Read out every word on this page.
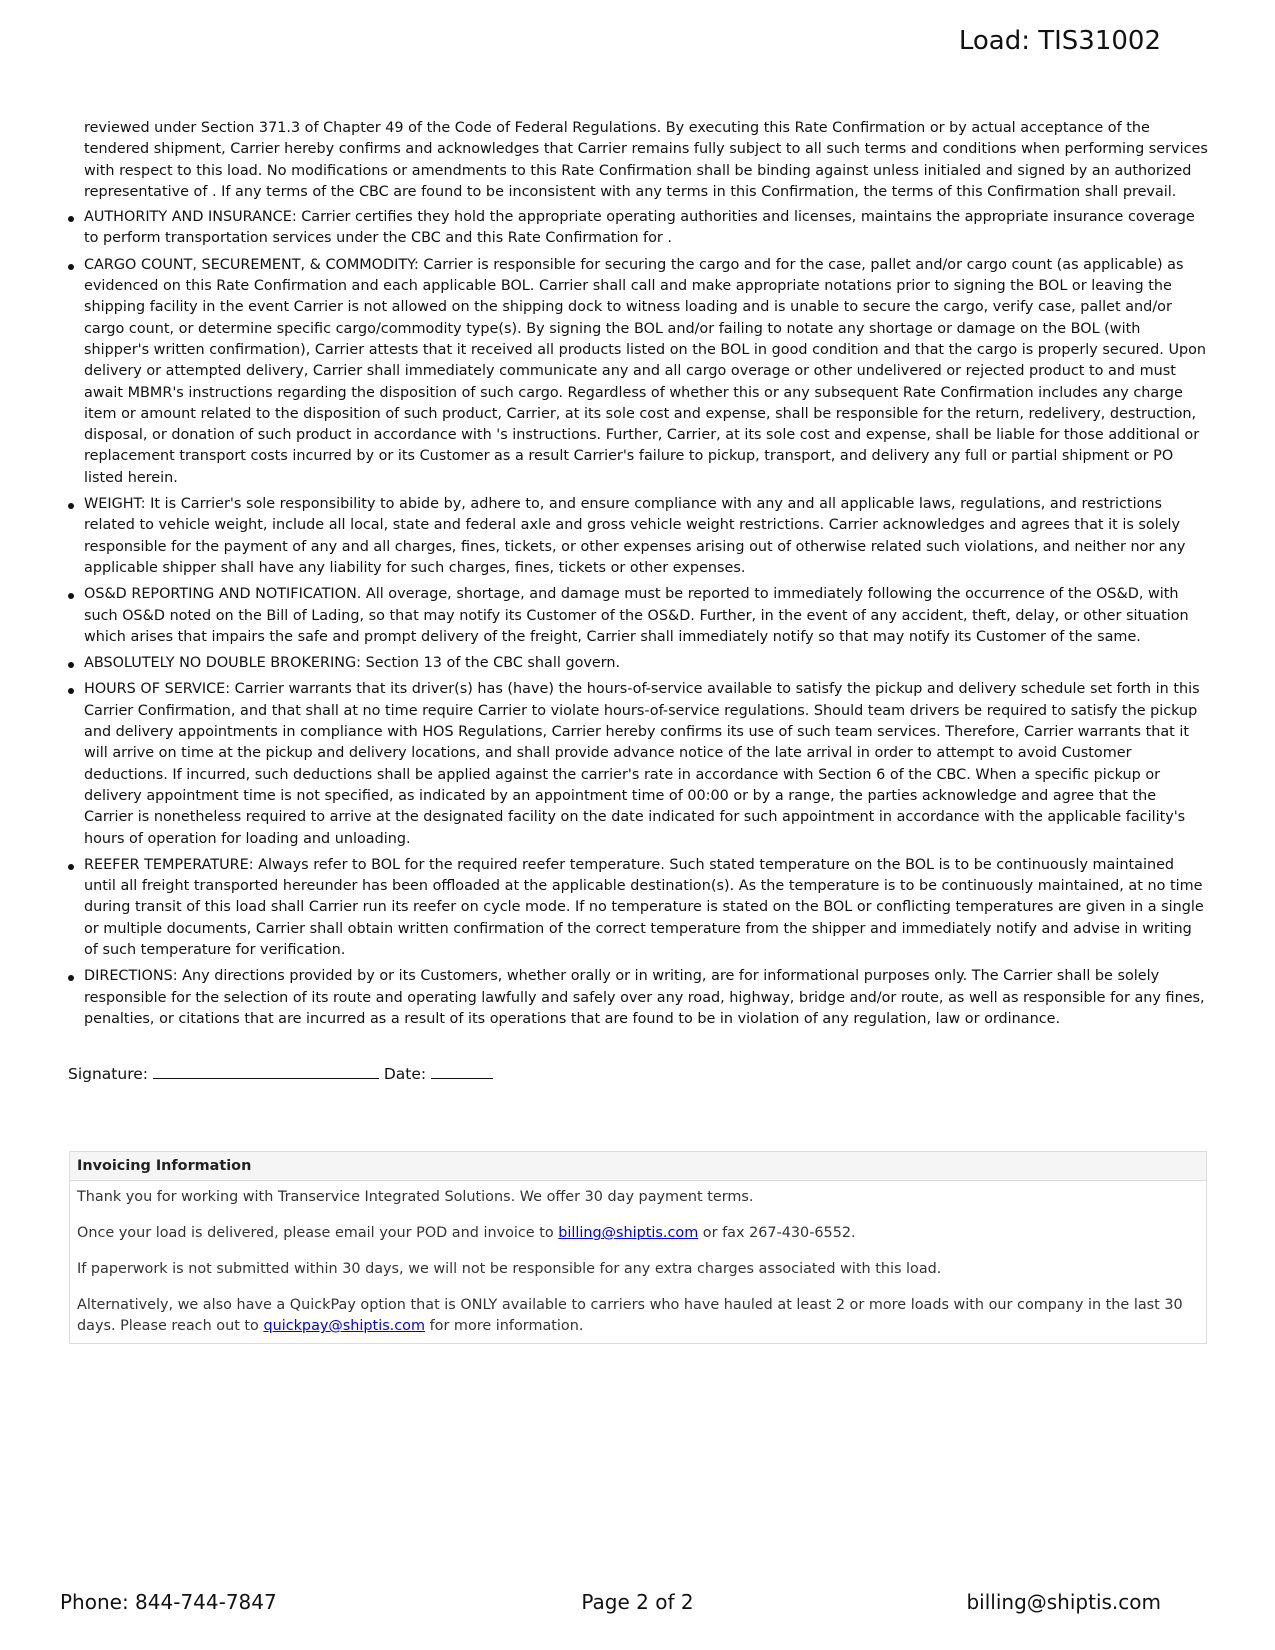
Load: TIS31002

reviewed under Section 371.3 of Chapter 49 of the Code of Federal Regulations. By executing this Rate Confirmation or by actual acceptance of the tendered shipment, Carrier hereby confirms and acknowledges that Carrier remains fully subject to all such terms and conditions when performing services with respect to this load. No modifications or amendments to this Rate Confirmation shall be binding against unless initialed and signed by an authorized representative of . If any terms of the CBC are found to be inconsistent with any terms in this Confirmation, the terms of this Confirmation shall prevail.

AUTHORITY AND INSURANCE: Carrier certifies they hold the appropriate operating authorities and licenses, maintains the appropriate insurance coverage to perform transportation services under the CBC and this Rate Confirmation for .
CARGO COUNT, SECUREMENT, & COMMODITY: Carrier is responsible for securing the cargo and for the case, pallet and/or cargo count (as applicable) as evidenced on this Rate Confirmation and each applicable BOL. Carrier shall call and make appropriate notations prior to signing the BOL or leaving the shipping facility in the event Carrier is not allowed on the shipping dock to witness loading and is unable to secure the cargo, verify case, pallet and/or cargo count, or determine specific cargo/commodity type(s). By signing the BOL and/or failing to notate any shortage or damage on the BOL (with shipper's written confirmation), Carrier attests that it received all products listed on the BOL in good condition and that the cargo is properly secured. Upon delivery or attempted delivery, Carrier shall immediately communicate any and all cargo overage or other undelivered or rejected product to and must await MBMR's instructions regarding the disposition of such cargo. Regardless of whether this or any subsequent Rate Confirmation includes any charge item or amount related to the disposition of such product, Carrier, at its sole cost and expense, shall be responsible for the return, redelivery, destruction, disposal, or donation of such product in accordance with 's instructions. Further, Carrier, at its sole cost and expense, shall be liable for those additional or replacement transport costs incurred by or its Customer as a result Carrier's failure to pickup, transport, and delivery any full or partial shipment or PO listed herein.
WEIGHT: It is Carrier's sole responsibility to abide by, adhere to, and ensure compliance with any and all applicable laws, regulations, and restrictions related to vehicle weight, include all local, state and federal axle and gross vehicle weight restrictions. Carrier acknowledges and agrees that it is solely responsible for the payment of any and all charges, fines, tickets, or other expenses arising out of otherwise related such violations, and neither nor any applicable shipper shall have any liability for such charges, fines, tickets or other expenses.
OS&D REPORTING AND NOTIFICATION. All overage, shortage, and damage must be reported to immediately following the occurrence of the OS&D, with such OS&D noted on the Bill of Lading, so that may notify its Customer of the OS&D. Further, in the event of any accident, theft, delay, or other situation which arises that impairs the safe and prompt delivery of the freight, Carrier shall immediately notify so that may notify its Customer of the same.
ABSOLUTELY NO DOUBLE BROKERING: Section 13 of the CBC shall govern.
HOURS OF SERVICE: Carrier warrants that its driver(s) has (have) the hours-of-service available to satisfy the pickup and delivery schedule set forth in this Carrier Confirmation, and that shall at no time require Carrier to violate hours-of-service regulations. Should team drivers be required to satisfy the pickup and delivery appointments in compliance with HOS Regulations, Carrier hereby confirms its use of such team services. Therefore, Carrier warrants that it will arrive on time at the pickup and delivery locations, and shall provide advance notice of the late arrival in order to attempt to avoid Customer deductions. If incurred, such deductions shall be applied against the carrier's rate in accordance with Section 6 of the CBC. When a specific pickup or delivery appointment time is not specified, as indicated by an appointment time of 00:00 or by a range, the parties acknowledge and agree that the Carrier is nonetheless required to arrive at the designated facility on the date indicated for such appointment in accordance with the applicable facility's hours of operation for loading and unloading.
REEFER TEMPERATURE: Always refer to BOL for the required reefer temperature. Such stated temperature on the BOL is to be continuously maintained until all freight transported hereunder has been offloaded at the applicable destination(s). As the temperature is to be continuously maintained, at no time during transit of this load shall Carrier run its reefer on cycle mode. If no temperature is stated on the BOL or conflicting temperatures are given in a single or multiple documents, Carrier shall obtain written confirmation of the correct temperature from the shipper and immediately notify and advise in writing of such temperature for verification.
DIRECTIONS: Any directions provided by or its Customers, whether orally or in writing, are for informational purposes only. The Carrier shall be solely responsible for the selection of its route and operating lawfully and safely over any road, highway, bridge and/or route, as well as responsible for any fines, penalties, or citations that are incurred as a result of its operations that are found to be in violation of any regulation, law or ordinance.
Signature:	Date:
Invoicing Information

Thank you for working with Transervice Integrated Solutions. We offer 30 day payment terms.

Once your load is delivered, please email your POD and invoice to billing@shiptis.com or fax 267-430-6552.

If paperwork is not submitted within 30 days, we will not be responsible for any extra charges associated with this load.

Alternatively, we also have a QuickPay option that is ONLY available to carriers who have hauled at least 2 or more loads with our company in the last 30 days. Please reach out to quickpay@shiptis.com for more information.

Phone: 844-744-7847	Page 2 of 2	billing@shiptis.com
